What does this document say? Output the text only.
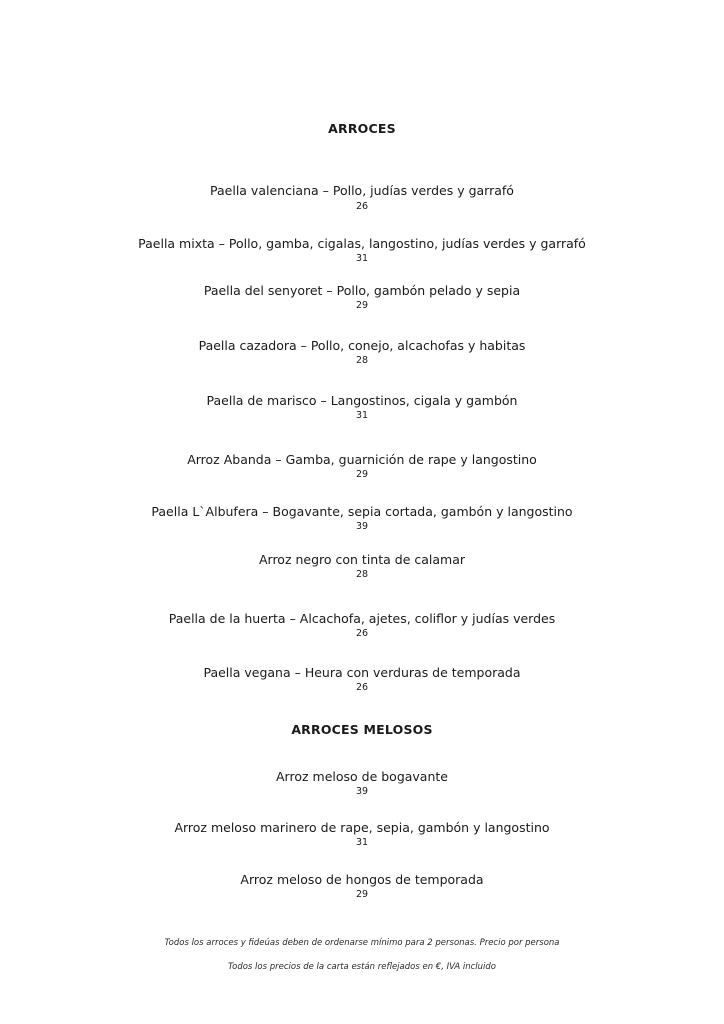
ARROCES
Paella valenciana – Pollo, judías verdes y garrafó
26
Paella mixta – Pollo, gamba, cigalas, langostino, judías verdes y garrafó
31
Paella del senyoret – Pollo, gambón pelado y sepia
29
Paella cazadora – Pollo, conejo, alcachofas y habitas
28
Paella de marisco – Langostinos, cigala y gambón
31
Arroz Abanda – Gamba, guarnición de rape y langostino
29
Paella L`Albufera – Bogavante, sepia cortada, gambón y langostino
39
Arroz negro con tinta de calamar
28
Paella de la huerta – Alcachofa, ajetes, coliflor y judías verdes
26
Paella vegana – Heura con verduras de temporada
26
ARROCES MELOSOS
Arroz meloso de bogavante
39
Arroz meloso marinero de rape, sepia, gambón y langostino
31
Arroz meloso de hongos de temporada
29
Todos los arroces y fideúas deben de ordenarse mínimo para 2 personas. Precio por persona
Todos los precios de la carta están reflejados en €, IVA incluido
